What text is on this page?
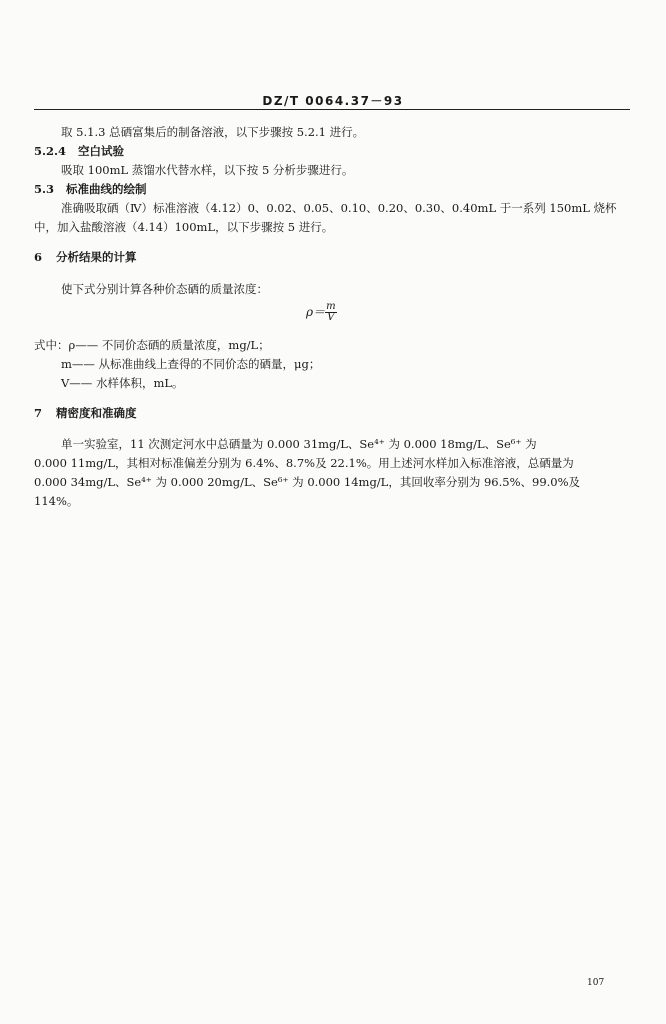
DZ/T 0064.37－93
取 5.1.3 总硒富集后的制备溶液，以下步骤按 5.2.1 进行。
5.2.4 空白试验
吸取 100mL 蒸馏水代替水样，以下按 5 分析步骤进行。
5.3 标准曲线的绘制
准确吸取硒（Ⅳ）标准溶液（4.12）0、0.02、0.05、0.10、0.20、0.30、0.40mL 于一系列 150mL 烧杯
中，加入盐酸溶液（4.14）100mL，以下步骤按 5 进行。
6 分析结果的计算
使下式分别计算各种价态硒的质量浓度：
$\rho= \frac{m}{V}$
式中：ρ—— 不同价态硒的质量浓度，mg/L；
m—— 从标准曲线上查得的不同价态的硒量，μg；
V—— 水样体积，mL。
7 精密度和准确度
单一实验室，11 次测定河水中总硒量为 0.000 31mg/L、Se⁴⁺ 为 0.000 18mg/L、Se⁶⁺ 为
0.000 11mg/L，其相对标准偏差分别为 6.4%、8.7%及 22.1%。用上述河水样加入标准溶液，总硒量为
0.000 34mg/L、Se⁴⁺ 为 0.000 20mg/L、Se⁶⁺ 为 0.000 14mg/L，其回收率分别为 96.5%、99.0%及
114%。
107
